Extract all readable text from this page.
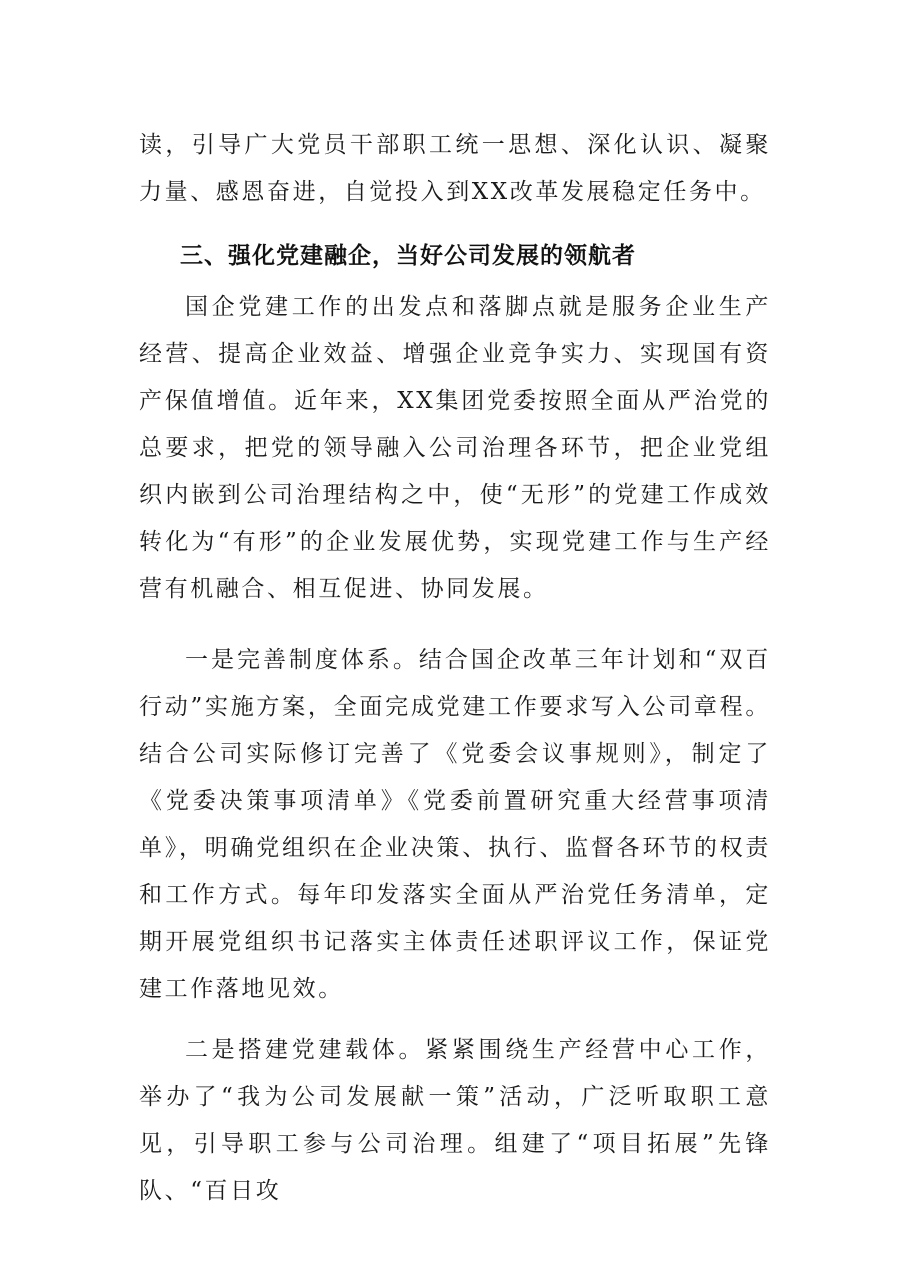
读，引导广大党员干部职工统一思想、深化认识、凝聚力量、感恩奋进，自觉投入到XX改革发展稳定任务中。

三、强化党建融企，当好公司发展的领航者

国企党建工作的出发点和落脚点就是服务企业生产经营、提高企业效益、增强企业竞争实力、实现国有资产保值增值。近年来，XX集团党委按照全面从严治党的总要求，把党的领导融入公司治理各环节，把企业党组织内嵌到公司治理结构之中，使“无形”的党建工作成效转化为“有形”的企业发展优势，实现党建工作与生产经营有机融合、相互促进、协同发展。

一是完善制度体系。结合国企改革三年计划和“双百行动”实施方案，全面完成党建工作要求写入公司章程。结合公司实际修订完善了《党委会议事规则》，制定了《党委决策事项清单》《党委前置研究重大经营事项清单》，明确党组织在企业决策、执行、监督各环节的权责和工作方式。每年印发落实全面从严治党任务清单，定期开展党组织书记落实主体责任述职评议工作，保证党建工作落地见效。

二是搭建党建载体。紧紧围绕生产经营中心工作，举办了“我为公司发展献一策”活动，广泛听取职工意见，引导职工参与公司治理。组建了“项目拓展”先锋队、“百日攻
